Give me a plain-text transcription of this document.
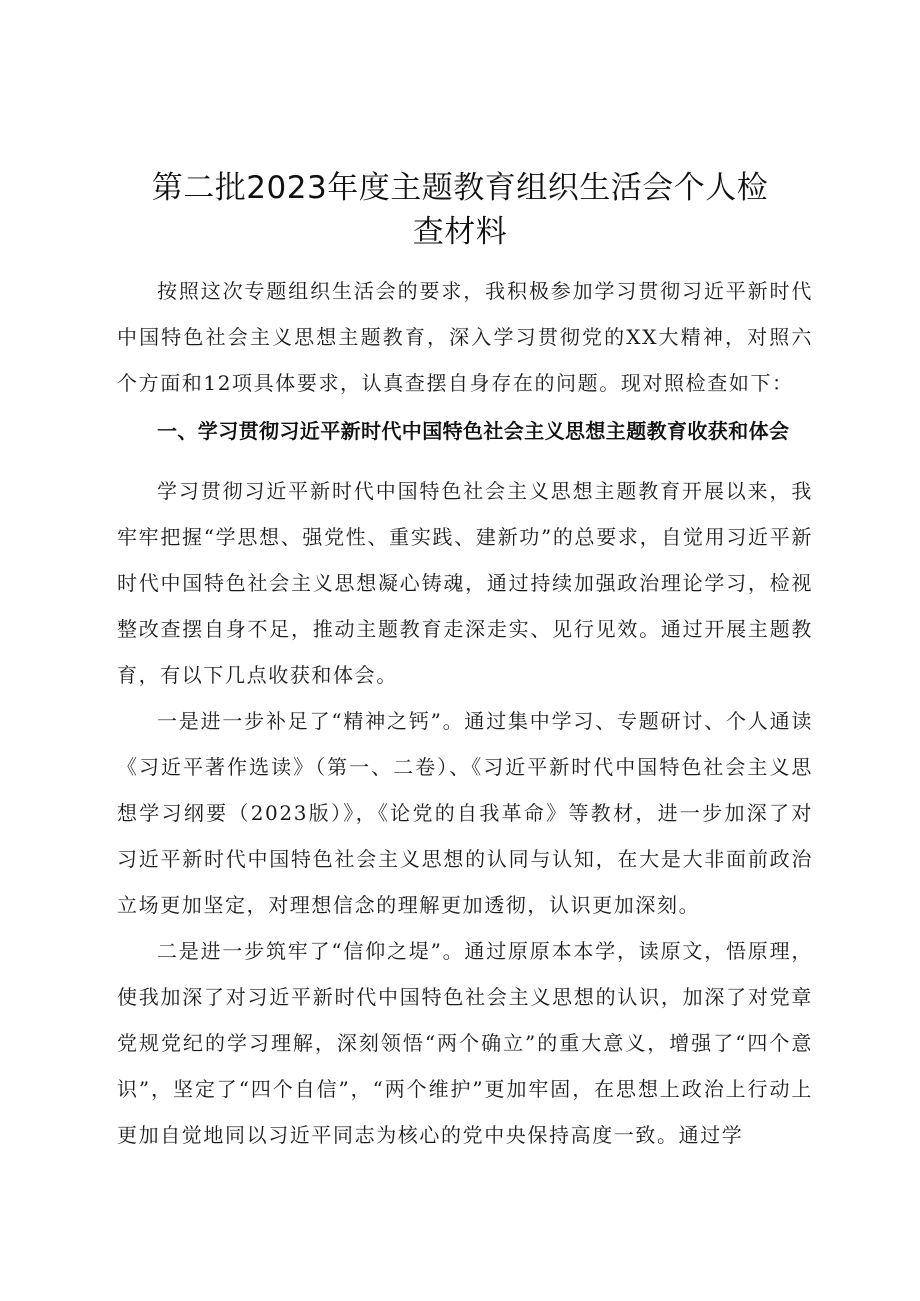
第二批2023年度主题教育组织生活会个人检
查材料

按照这次专题组织生活会的要求，我积极参加学习贯彻习近平新时代中国特色社会主义思想主题教育，深入学习贯彻党的XX大精神，对照六个方面和12项具体要求，认真查摆自身存在的问题。现对照检查如下：

一、学习贯彻习近平新时代中国特色社会主义思想主题教育收获和体会

学习贯彻习近平新时代中国特色社会主义思想主题教育开展以来，我牢牢把握“学思想、强党性、重实践、建新功”的总要求，自觉用习近平新时代中国特色社会主义思想凝心铸魂，通过持续加强政治理论学习，检视整改查摆自身不足，推动主题教育走深走实、见行见效。通过开展主题教育，有以下几点收获和体会。

一是进一步补足了“精神之钙”。通过集中学习、专题研讨、个人通读《习近平著作选读》（第一、二卷）、《习近平新时代中国特色社会主义思想学习纲要（2023版）》，《论党的自我革命》等教材，进一步加深了对习近平新时代中国特色社会主义思想的认同与认知，在大是大非面前政治立场更加坚定，对理想信念的理解更加透彻，认识更加深刻。

二是进一步筑牢了“信仰之堤”。通过原原本本学，读原文，悟原理，使我加深了对习近平新时代中国特色社会主义思想的认识，加深了对党章党规党纪的学习理解，深刻领悟“两个确立”的重大意义，增强了“四个意识”，坚定了“四个自信”，“两个维护”更加牢固，在思想上政治上行动上更加自觉地同以习近平同志为核心的党中央保持高度一致。通过学
